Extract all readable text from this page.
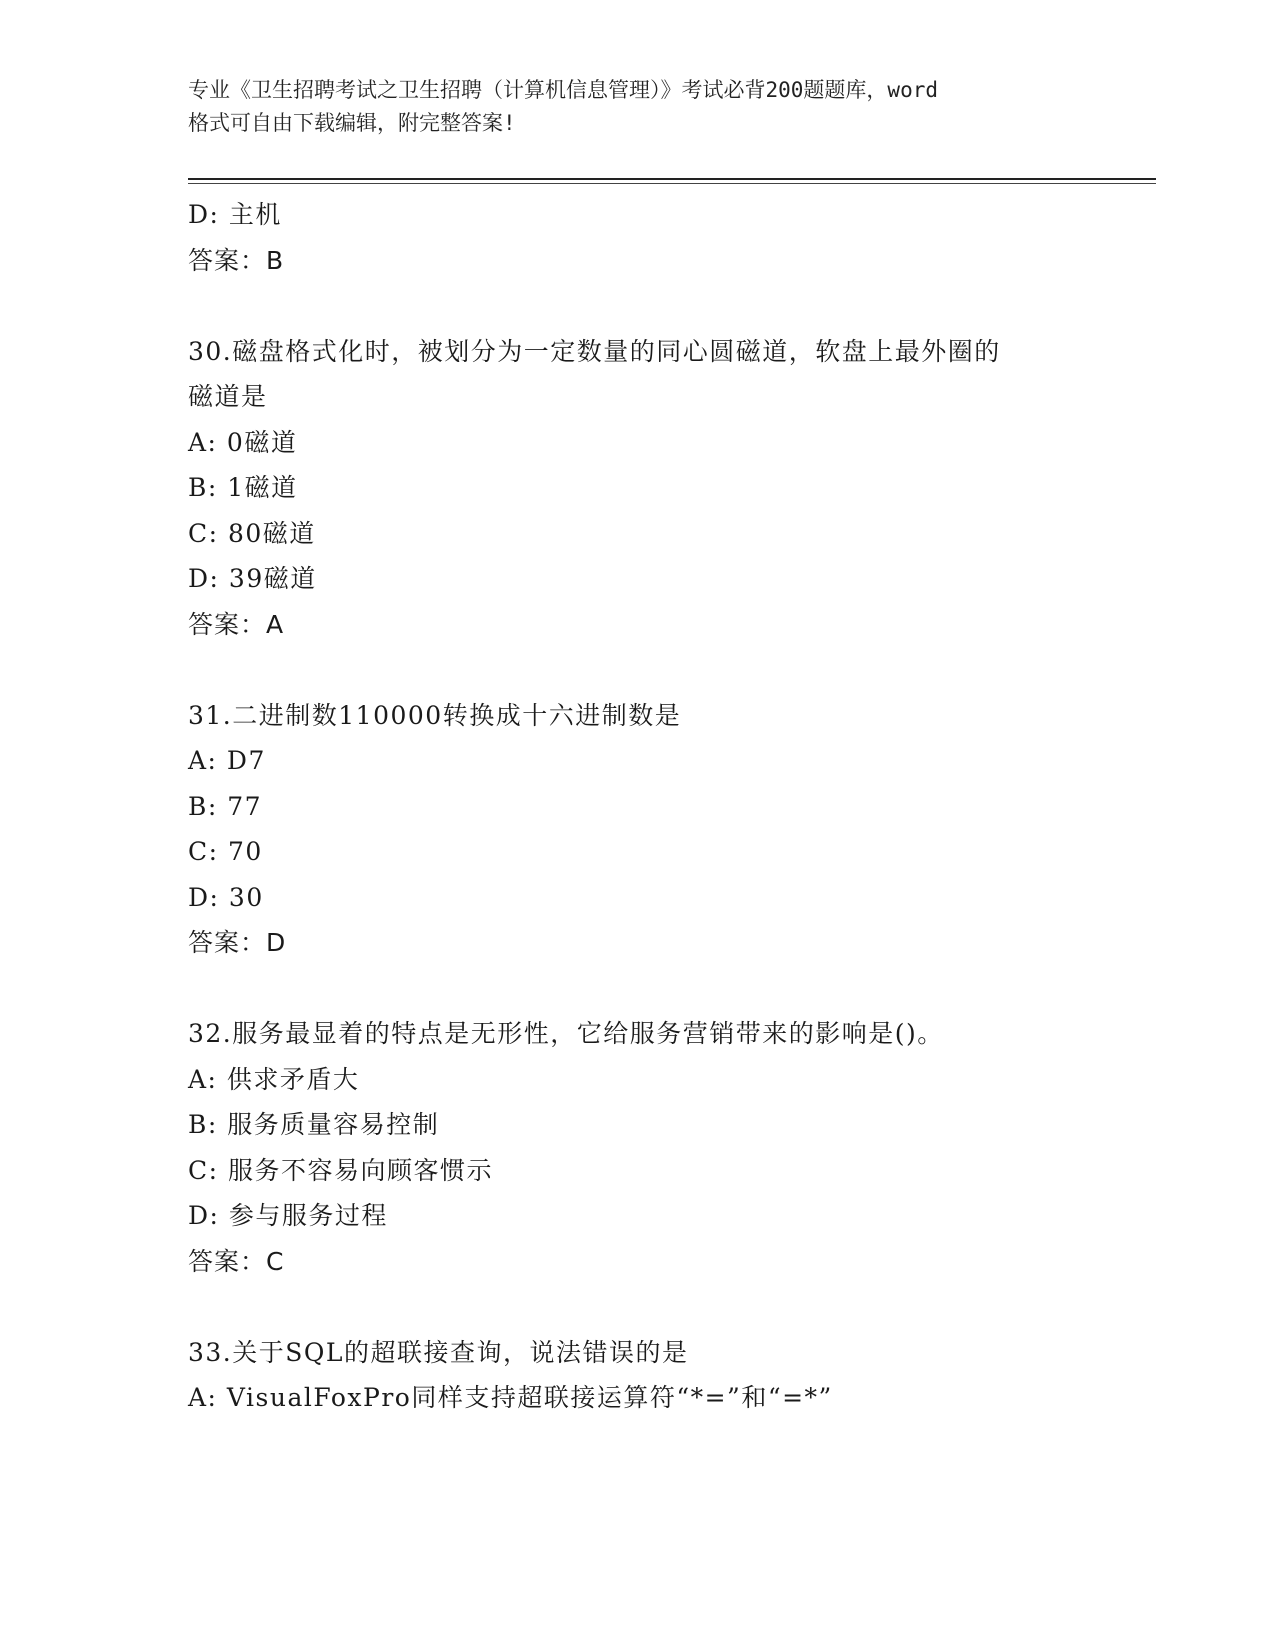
专业《卫生招聘考试之卫生招聘（计算机信息管理）》考试必背200题题库，word
格式可自由下载编辑，附完整答案!
D: 主机
答案：B
30.磁盘格式化时，被划分为一定数量的同心圆磁道，软盘上最外圈的
磁道是
A: 0磁道
B: 1磁道
C: 80磁道
D: 39磁道
答案：A
31.二进制数110000转换成十六进制数是
A: D7
B: 77
C: 70
D: 30
答案：D
32.服务最显着的特点是无形性，它给服务营销带来的影响是()。
A: 供求矛盾大
B: 服务质量容易控制
C: 服务不容易向顾客惯示
D: 参与服务过程
答案：C
33.关于SQL的超联接查询，说法错误的是
A: VisualFoxPro同样支持超联接运算符“*=”和“=*”
